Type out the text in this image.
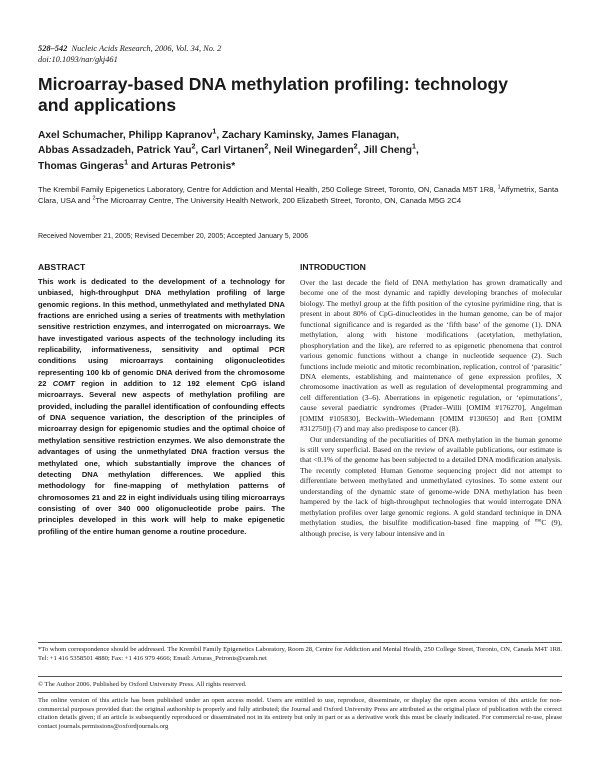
528–542 Nucleic Acids Research, 2006, Vol. 34, No. 2
doi:10.1093/nar/gkj461
Microarray-based DNA methylation profiling: technology and applications

Axel Schumacher, Philipp Kapranov$^1$, Zachary Kaminsky, James Flanagan,
Abbas Assadzadeh, Patrick Yau$^2$, Carl Virtanen$^2$, Neil Winegarden$^2$, Jill Cheng$^1$,
Thomas Gingeras$^1$ and Arturas Petronis*

The Krembil Family Epigenetics Laboratory, Centre for Addiction and Mental Health, 250 College Street, Toronto, ON, Canada M5T 1R8, $^1$Affymetrix, Santa Clara, USA and $^2$The Microarray Centre, The University Health Network, 200 Elizabeth Street, Toronto, ON, Canada M5G 2C4

Received November 21, 2005; Revised December 20, 2005; Accepted January 5, 2006

ABSTRACT

This work is dedicated to the development of a technology for unbiased, high-throughput DNA methylation profiling of large genomic regions. In this method, unmethylated and methylated DNA fractions are enriched using a series of treatments with methylation sensitive restriction enzymes, and interrogated on microarrays. We have investigated various aspects of the technology including its replicability, informativeness, sensitivity and optimal PCR conditions using microarrays containing oligonucleotides representing 100 kb of genomic DNA derived from the chromosome 22 COMT region in addition to 12 192 element CpG island microarrays. Several new aspects of methylation profiling are provided, including the parallel identification of confounding effects of DNA sequence variation, the description of the principles of microarray design for epigenomic studies and the optimal choice of methylation sensitive restriction enzymes. We also demonstrate the advantages of using the unmethylated DNA fraction versus the methylated one, which substantially improve the chances of detecting DNA methylation differences. We applied this methodology for fine-mapping of methylation patterns of chromosomes 21 and 22 in eight individuals using tiling microarrays consisting of over 340 000 oligonucleotide probe pairs. The principles developed in this work will help to make epigenetic profiling of the entire human genome a routine procedure.

INTRODUCTION

Over the last decade the field of DNA methylation has grown dramatically and become one of the most dynamic and rapidly developing branches of molecular biology. The methyl group at the fifth position of the cytosine pyrimidine ring, that is present in about 80% of CpG-dinucleotides in the human genome, can be of major functional significance and is regarded as the ‘fifth base’ of the genome (1). DNA methylation, along with histone modifications (acetylation, methylation, phosphorylation and the like), are referred to as epigenetic phenomena that control various genomic functions without a change in nucleotide sequence (2). Such functions include meiotic and mitotic recombination, replication, control of ‘parasitic’ DNA elements, establishing and maintenance of gene expression profiles, X chromosome inactivation as well as regulation of developmental programming and cell differentiation (3–6). Aberrations in epigenetic regulation, or ‘epimutations’, cause several paediatric syndromes (Prader–Willi [OMIM #176270], Angelman [OMIM #105830], Beckwith–Wiedemann [OMIM #130650] and Rett [OMIM #312750]) (7) and may also predispose to cancer (8).

Our understanding of the peculiarities of DNA methylation in the human genome is still very superficial. Based on the review of available publications, our estimate is that <0.1% of the genome has been subjected to a detailed DNA modification analysis. The recently completed Human Genome sequencing project did not attempt to differentiate between methylated and unmethylated cytosines. To some extent our understanding of the dynamic state of genome-wide DNA methylation has been hampered by the lack of high-throughput technologies that would interrogate DNA methylation profiles over large genomic regions. A gold standard technique in DNA methylation studies, the bisulfite modification-based fine mapping of $^{me}$C (9), although precise, is very labour intensive and in

*To whom correspondence should be addressed. The Krembil Family Epigenetics Laboratory, Room 28, Centre for Addiction and Mental Health, 250 College Street, Toronto, ON, Canada M4T 1R8. Tel: +1 416 5358501 4880; Fax: +1 416 979 4666; Email: Arturas_Petronis@camh.net

© The Author 2006. Published by Oxford University Press. All rights reserved.

The online version of this article has been published under an open access model. Users are entitled to use, reproduce, disseminate, or display the open access version of this article for non-commercial purposes provided that: the original authorship is properly and fully attributed; the Journal and Oxford University Press are attributed as the original place of publication with the correct citation details given; if an article is subsequently reproduced or disseminated not in its entirety but only in part or as a derivative work this must be clearly indicated. For commercial re-use, please contact journals.permissions@oxfordjournals.org
